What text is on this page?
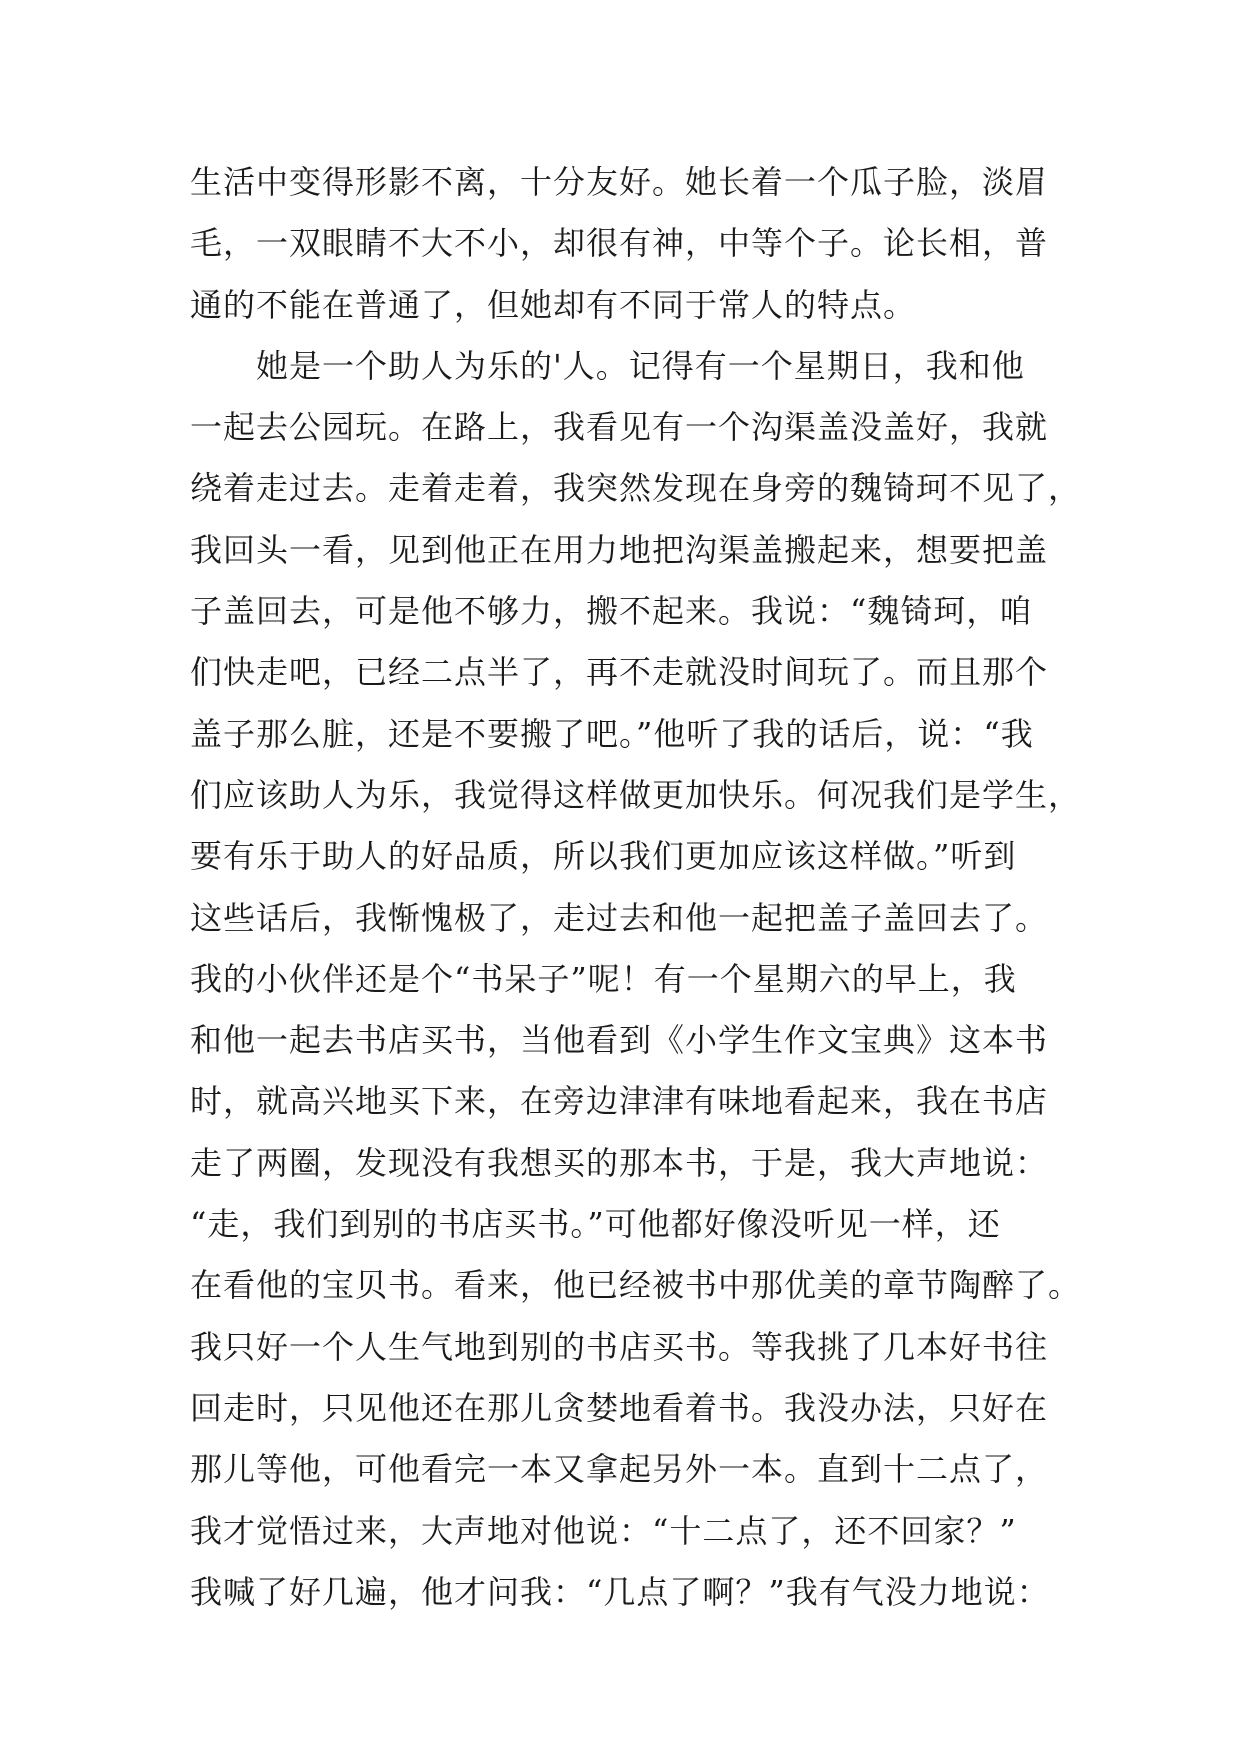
生活中变得形影不离，十分友好。她长着一个瓜子脸，淡眉
毛，一双眼睛不大不小，却很有神，中等个子。论长相，普
通的不能在普通了，但她却有不同于常人的特点。
　　她是一个助人为乐的'人。记得有一个星期日，我和他
一起去公园玩。在路上，我看见有一个沟渠盖没盖好，我就
绕着走过去。走着走着，我突然发现在身旁的魏锜珂不见了，
我回头一看，见到他正在用力地把沟渠盖搬起来，想要把盖
子盖回去，可是他不够力，搬不起来。我说：“魏锜珂，咱
们快走吧，已经二点半了，再不走就没时间玩了。而且那个
盖子那么脏，还是不要搬了吧。”他听了我的话后，说：“我
们应该助人为乐，我觉得这样做更加快乐。何况我们是学生，
要有乐于助人的好品质，所以我们更加应该这样做。”听到
这些话后，我惭愧极了，走过去和他一起把盖子盖回去了。
我的小伙伴还是个“书呆子”呢！有一个星期六的早上，我
和他一起去书店买书，当他看到《小学生作文宝典》这本书
时，就高兴地买下来，在旁边津津有味地看起来，我在书店
走了两圈，发现没有我想买的那本书，于是，我大声地说：
“走，我们到别的书店买书。”可他都好像没听见一样，还
在看他的宝贝书。看来，他已经被书中那优美的章节陶醉了。
我只好一个人生气地到别的书店买书。等我挑了几本好书往
回走时，只见他还在那儿贪婪地看着书。我没办法，只好在
那儿等他，可他看完一本又拿起另外一本。直到十二点了，
我才觉悟过来，大声地对他说：“十二点了，还不回家？”
我喊了好几遍，他才问我：“几点了啊？”我有气没力地说：
